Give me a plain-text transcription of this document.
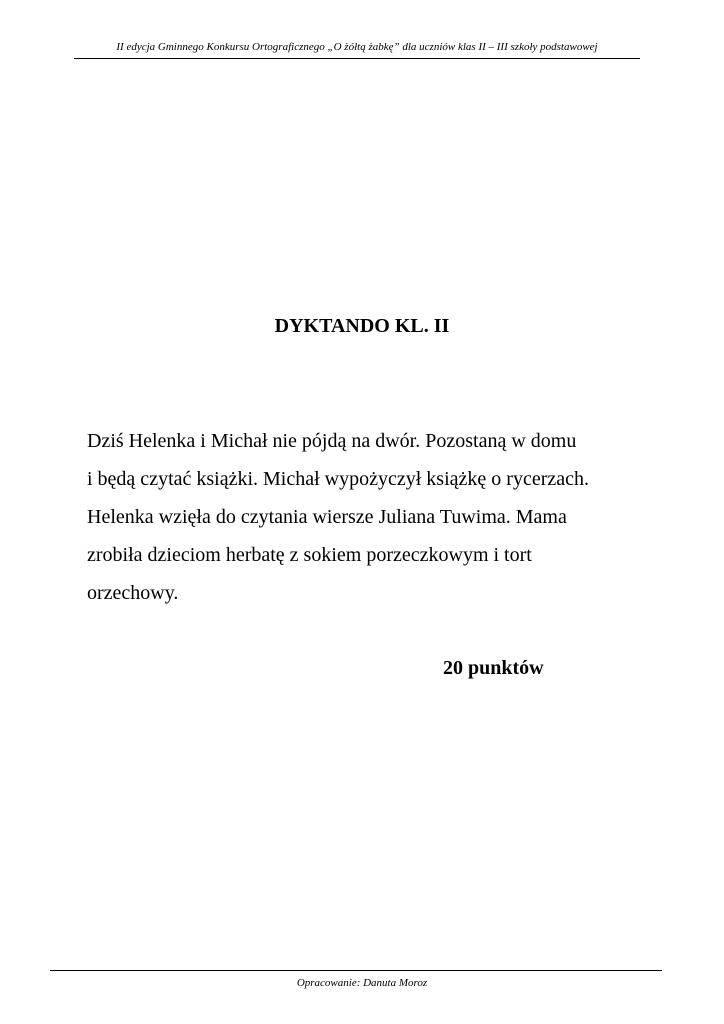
II edycja Gminnego Konkursu Ortograficznego „O żółtą żabkę” dla uczniów klas II – III szkoły podstawowej
DYKTANDO KL. II
Dziś Helenka i Michał nie pójdą na dwór. Pozostaną w domu
i będą czytać książki. Michał wypożyczył książkę o rycerzach.
Helenka wzięła do czytania wiersze Juliana Tuwima. Mama
zrobiła dzieciom herbatę z sokiem porzeczkowym i tort
orzechowy.
20 punktów
Opracowanie: Danuta Moroz
